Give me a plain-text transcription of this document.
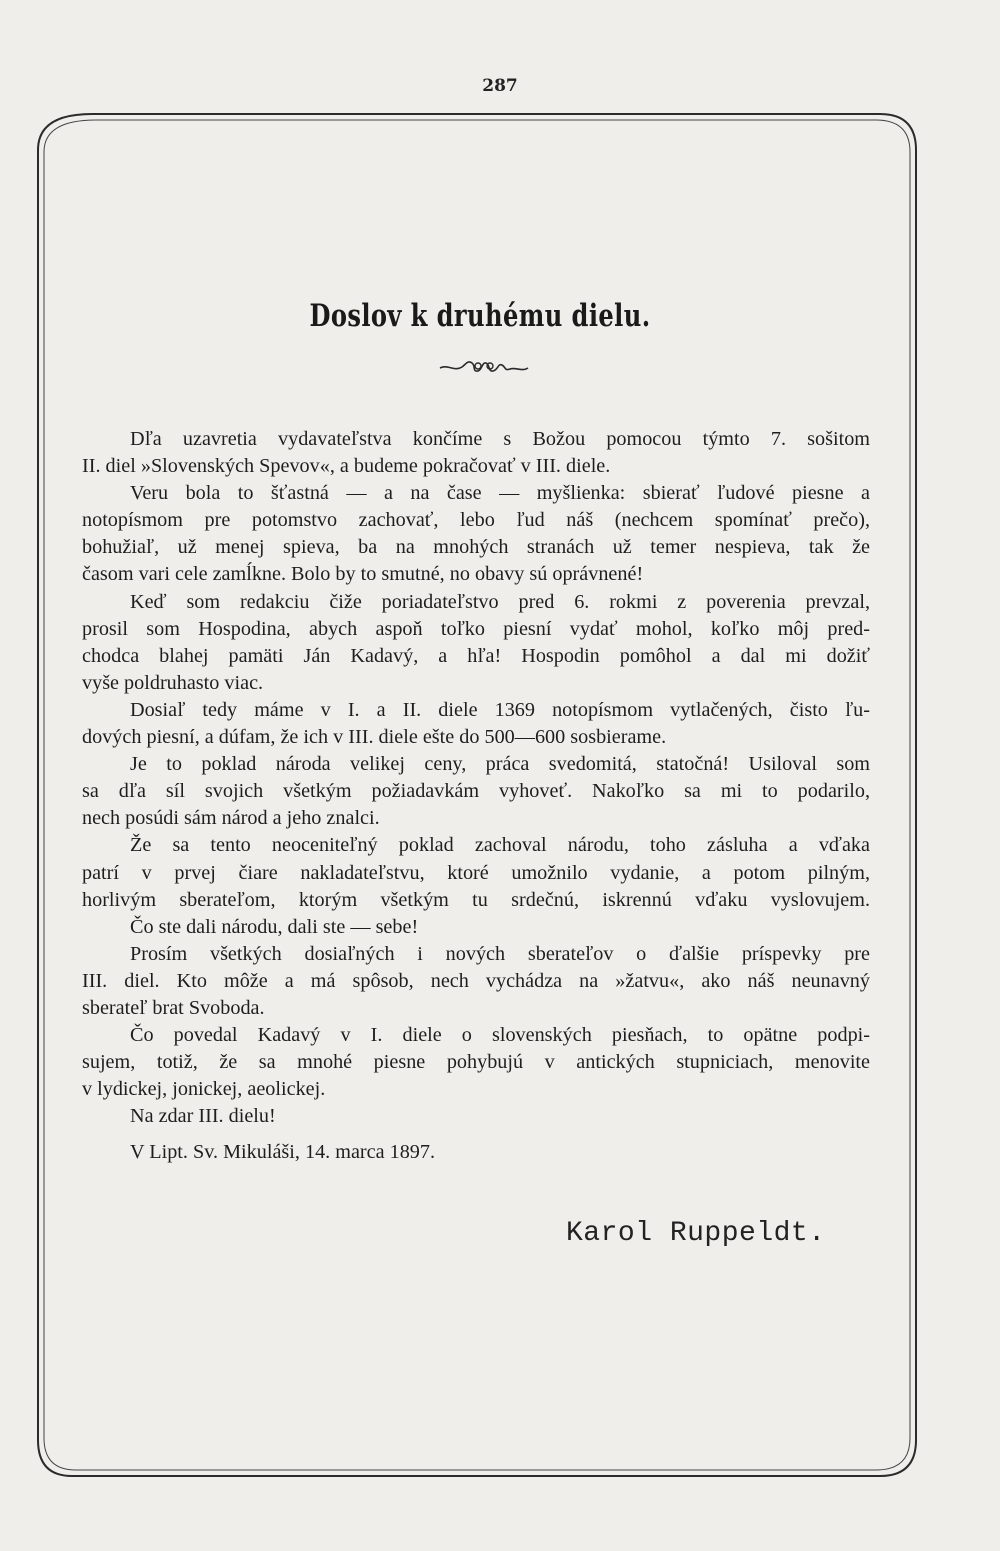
287
Doslov k druhému dielu.
Dľa uzavretia vydavateľstva končíme s Božou pomocou týmto 7. sošitom
II. diel »Slovenských Spevov«, a budeme pokračovať v III. diele.
Veru bola to šťastná — a na čase — myšlienka: sbierať ľudové piesne a
notopísmom pre potomstvo zachovať, lebo ľud náš (nechcem spomínať prečo),
bohužiaľ, už menej spieva, ba na mnohých stranách už temer nespieva, tak že
časom vari cele zamĺkne. Bolo by to smutné, no obavy sú oprávnené!
Keď som redakciu čiže poriadateľstvo pred 6. rokmi z poverenia prevzal,
prosil som Hospodina, abych aspoň toľko piesní vydať mohol, koľko môj pred-
chodca blahej pamäti Ján Kadavý, a hľa! Hospodin pomôhol a dal mi dožiť
vyše poldruhasto viac.
Dosiaľ tedy máme v I. a II. diele 1369 notopísmom vytlačených, čisto ľu-
dových piesní, a dúfam, že ich v III. diele ešte do 500—600 sosbierame.
Je to poklad národa velikej ceny, práca svedomitá, statočná! Usiloval som
sa dľa síl svojich všetkým požiadavkám vyhoveť. Nakoľko sa mi to podarilo,
nech posúdi sám národ a jeho znalci.
Že sa tento neoceniteľný poklad zachoval národu, toho zásluha a vďaka
patrí v prvej čiare nakladateľstvu, ktoré umožnilo vydanie, a potom pilným,
horlivým sberateľom, ktorým všetkým tu srdečnú, iskrennú vďaku vyslovujem.
Čo ste dali národu, dali ste — sebe!
Prosím všetkých dosiaľných i nových sberateľov o ďalšie príspevky pre
III. diel. Kto môže a má spôsob, nech vychádza na »žatvu«, ako náš neunavný
sberateľ brat Svoboda.
Čo povedal Kadavý v I. diele o slovenských piesňach, to opätne podpi-
sujem, totiž, že sa mnohé piesne pohybujú v antických stupniciach, menovite
v lydickej, jonickej, aeolickej.
Na zdar III. dielu!
V Lipt. Sv. Mikuláši, 14. marca 1897.
Karol Ruppeldt.
